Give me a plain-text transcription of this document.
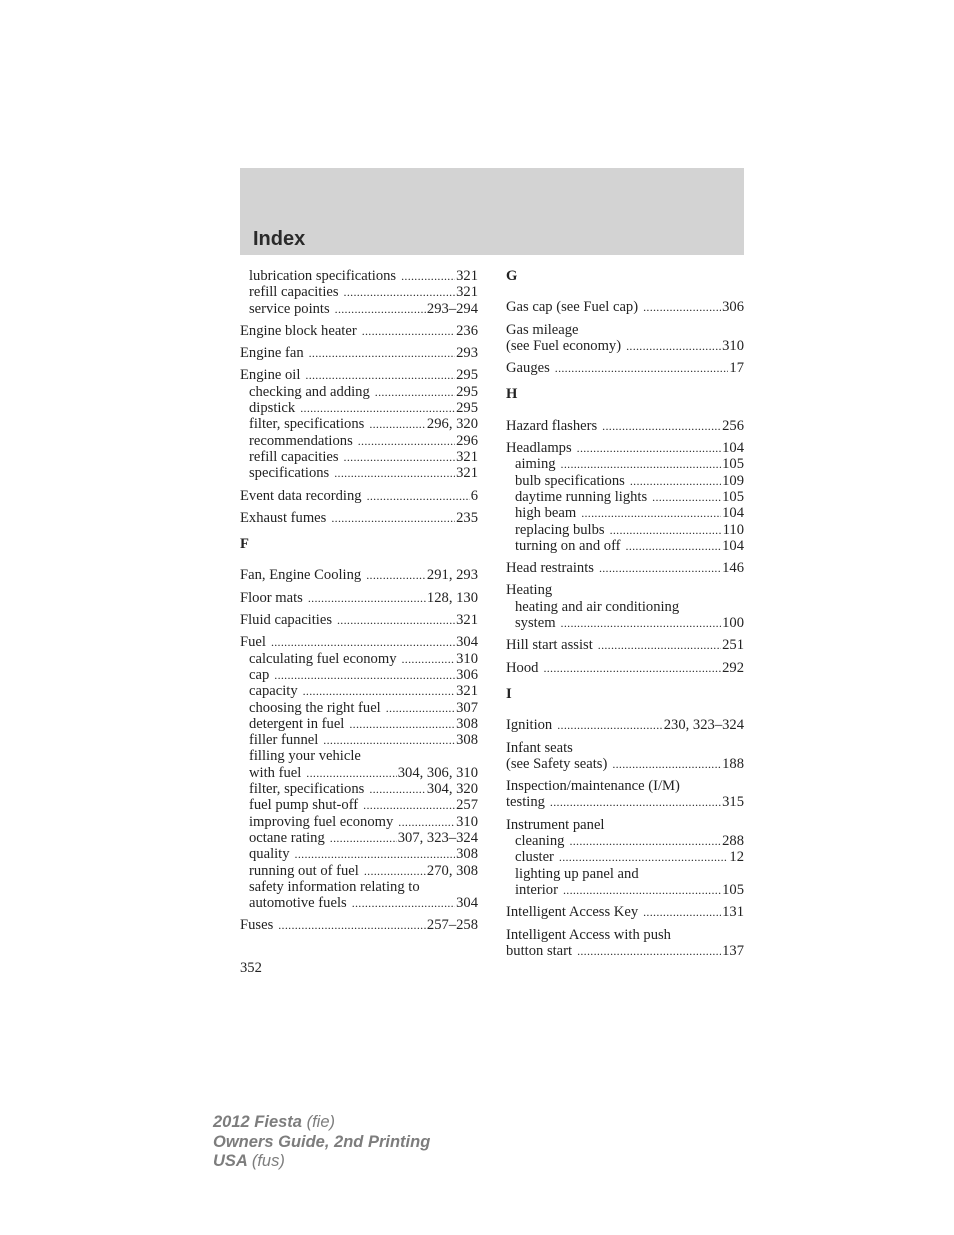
Index
lubrication specifications .....	321
refill capacities .....	321
service points .....	293–294
Engine block heater .....	236
Engine fan .....	293
Engine oil .....	295
checking and adding .....	295
dipstick .....	295
filter, specifications .....	296, 320
recommendations .....	296
refill capacities .....	321
specifications .....	321
Event data recording .....	6
Exhaust fumes .....	235
F
Fan, Engine Cooling .....	291, 293
Floor mats .....	128, 130
Fluid capacities .....	321
Fuel .....	304
calculating fuel economy .....	310
cap .....	306
capacity .....	321
choosing the right fuel .....	307
detergent in fuel .....	308
filler funnel .....	308
filling your vehicle
with fuel .....	304, 306, 310
filter, specifications .....	304, 320
fuel pump shut-off .....	257
improving fuel economy .....	310
octane rating .....	307, 323–324
quality .....	308
running out of fuel .....	270, 308
safety information relating to
automotive fuels .....	304
Fuses .....	257–258
G
Gas cap (see Fuel cap) .....	306
Gas mileage
(see Fuel economy) .....	310
Gauges .....	17
H
Hazard flashers .....	256
Headlamps .....	104
aiming .....	105
bulb specifications .....	109
daytime running lights .....	105
high beam .....	104
replacing bulbs .....	110
turning on and off .....	104
Head restraints .....	146
Heating
heating and air conditioning
system .....	100
Hill start assist .....	251
Hood .....	292
I
Ignition .....	230, 323–324
Infant seats
(see Safety seats) .....	188
Inspection/maintenance (I/M)
testing .....	315
Instrument panel
cleaning .....	288
cluster .....	12
lighting up panel and
interior .....	105
Intelligent Access Key .....	131
Intelligent Access with push
button start .....	137
352
2012 Fiesta (fie)
Owners Guide, 2nd Printing
USA (fus)
